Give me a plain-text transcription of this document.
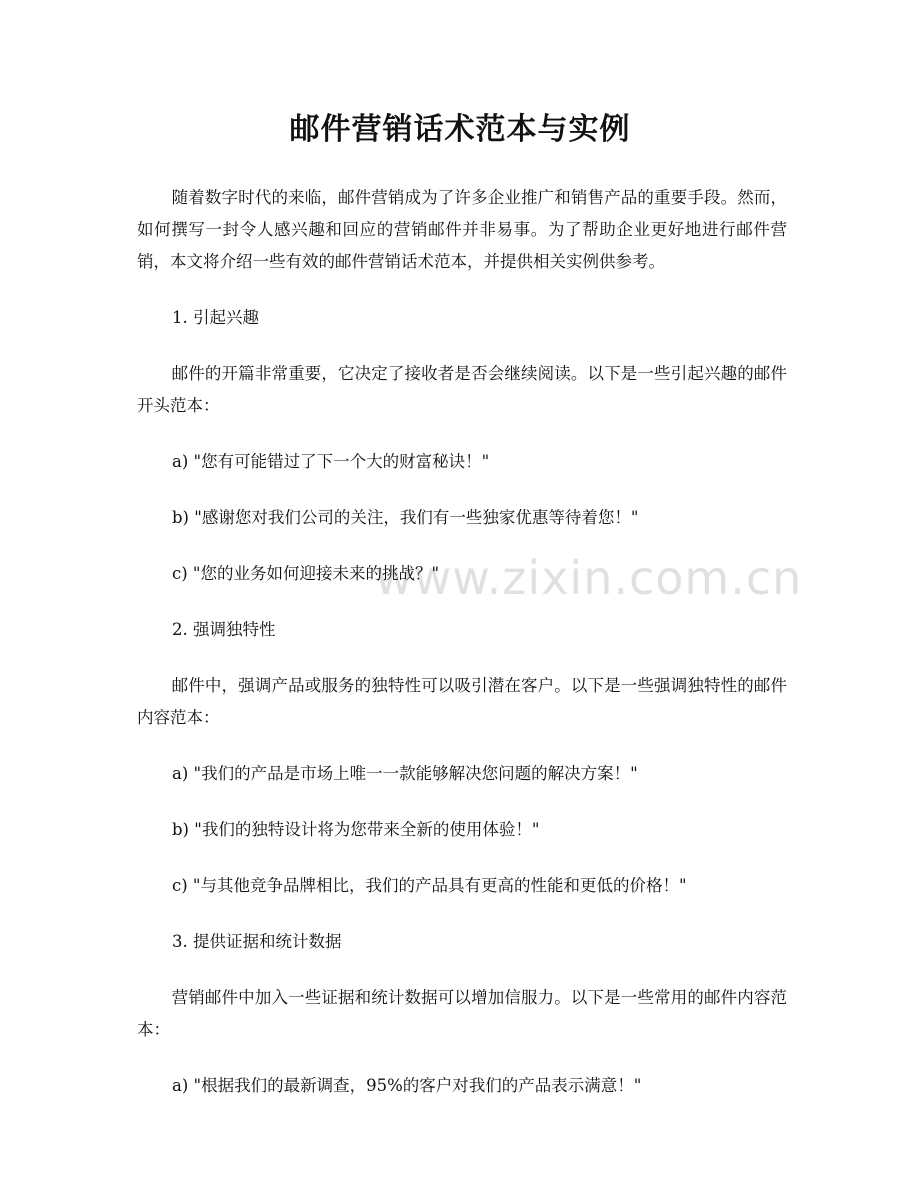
邮件营销话术范本与实例

随着数字时代的来临，邮件营销成为了许多企业推广和销售产品的重要手段。然而，如何撰写一封令人感兴趣和回应的营销邮件并非易事。为了帮助企业更好地进行邮件营销，本文将介绍一些有效的邮件营销话术范本，并提供相关实例供参考。

1. 引起兴趣

邮件的开篇非常重要，它决定了接收者是否会继续阅读。以下是一些引起兴趣的邮件开头范本：

a) "您有可能错过了下一个大的财富秘诀！"

b) "感谢您对我们公司的关注，我们有一些独家优惠等待着您！"

c) "您的业务如何迎接未来的挑战？"

2. 强调独特性

邮件中，强调产品或服务的独特性可以吸引潜在客户。以下是一些强调独特性的邮件内容范本：

a) "我们的产品是市场上唯一一款能够解决您问题的解决方案！"

b) "我们的独特设计将为您带来全新的使用体验！"

c) "与其他竞争品牌相比，我们的产品具有更高的性能和更低的价格！"

3. 提供证据和统计数据

营销邮件中加入一些证据和统计数据可以增加信服力。以下是一些常用的邮件内容范本：

a) "根据我们的最新调查，95%的客户对我们的产品表示满意！"

www.zixin.com.cn
